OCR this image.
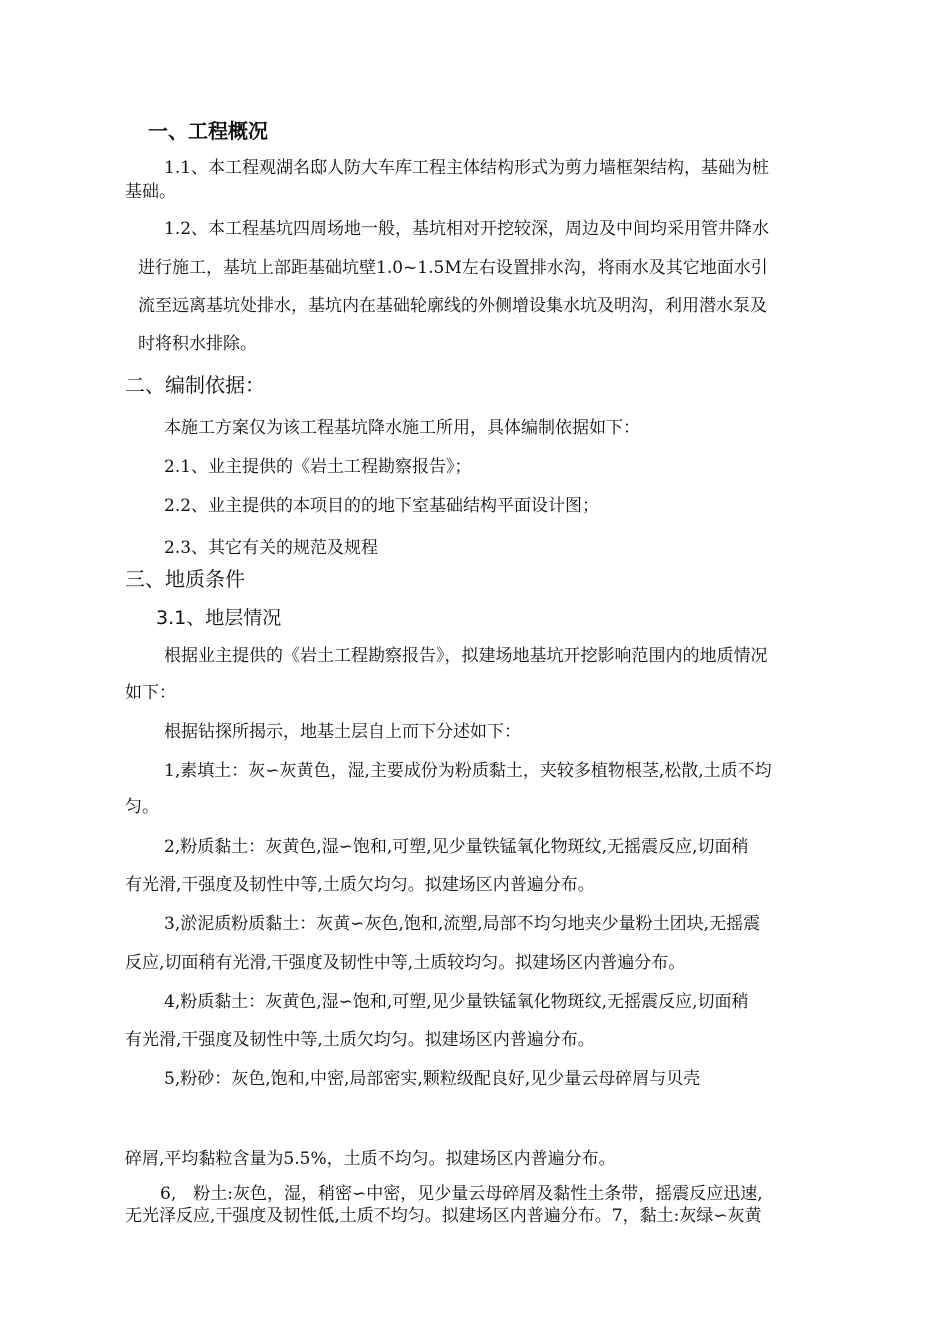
一、工程概况
1.1、本工程观湖名邸人防大车库工程主体结构形式为剪力墙框架结构，基础为桩
基础。
1.2、本工程基坑四周场地一般，基坑相对开挖较深，周边及中间均采用管井降水
进行施工，基坑上部距基础坑壁1.0~1.5M左右设置排水沟，将雨水及其它地面水引
流至远离基坑处排水，基坑内在基础轮廓线的外侧增设集水坑及明沟，利用潜水泵及
时将积水排除。
二、编制依据：
本施工方案仅为该工程基坑降水施工所用，具体编制依据如下：
2.1、业主提供的《岩土工程勘察报告》；
2.2、业主提供的本项目的的地下室基础结构平面设计图；
2.3、其它有关的规范及规程
三、地质条件
3.1、地层情况
根据业主提供的《岩土工程勘察报告》，拟建场地基坑开挖影响范围内的地质情况
如下：
根据钻探所揭示，地基土层自上而下分述如下：
1,素填土：灰∽灰黄色，湿,主要成份为粉质黏土，夹较多植物根茎,松散,土质不均
匀。
2,粉质黏土：灰黄色,湿∽饱和,可塑,见少量铁锰氧化物斑纹,无摇震反应,切面稍
有光滑,干强度及韧性中等,土质欠均匀。拟建场区内普遍分布。
3,淤泥质粉质黏土：灰黄∽灰色,饱和,流塑,局部不均匀地夹少量粉土团块,无摇震
反应,切面稍有光滑,干强度及韧性中等,土质较均匀。拟建场区内普遍分布。
4,粉质黏土：灰黄色,湿∽饱和,可塑,见少量铁锰氧化物斑纹,无摇震反应,切面稍
有光滑,干强度及韧性中等,土质欠均匀。拟建场区内普遍分布。
5,粉砂：灰色,饱和,中密,局部密实,颗粒级配良好,见少量云母碎屑与贝壳
碎屑,平均黏粒含量为5.5%，土质不均匀。拟建场区内普遍分布。
6,　粉土:灰色，湿，稍密∽中密，见少量云母碎屑及黏性土条带，摇震反应迅速,
无光泽反应,干强度及韧性低,土质不均匀。拟建场区内普遍分布。7，黏土:灰绿∽灰黄
